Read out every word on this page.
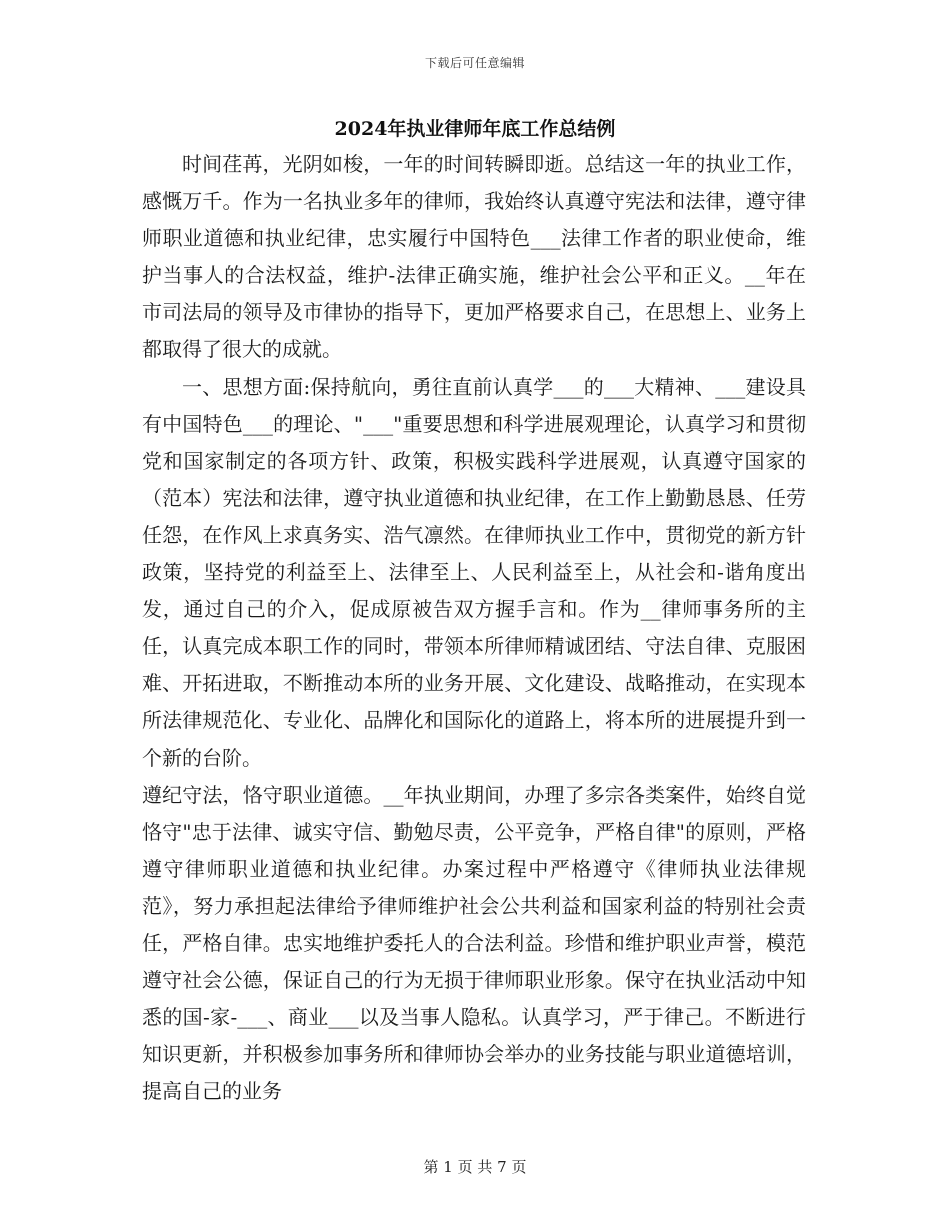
下载后可任意编辑
2024年执业律师年底工作总结例

时间荏苒，光阴如梭，一年的时间转瞬即逝。总结这一年的执业工作，感慨万千。作为一名执业多年的律师，我始终认真遵守宪法和法律，遵守律师职业道德和执业纪律，忠实履行中国特色___法律工作者的职业使命，维护当事人的合法权益，维护-法律正确实施，维护社会公平和正义。__年在市司法局的领导及市律协的指导下，更加严格要求自己，在思想上、业务上都取得了很大的成就。

一、思想方面:保持航向，勇往直前认真学___的___大精神、___建设具有中国特色___的理论、"___"重要思想和科学进展观理论，认真学习和贯彻党和国家制定的各项方针、政策，积极实践科学进展观，认真遵守国家的（范本）宪法和法律，遵守执业道德和执业纪律，在工作上勤勤恳恳、任劳任怨，在作风上求真务实、浩气凛然。在律师执业工作中，贯彻党的新方针政策，坚持党的利益至上、法律至上、人民利益至上，从社会和-谐角度出发，通过自己的介入，促成原被告双方握手言和。作为__律师事务所的主任，认真完成本职工作的同时，带领本所律师精诚团结、守法自律、克服困难、开拓进取，不断推动本所的业务开展、文化建设、战略推动，在实现本所法律规范化、专业化、品牌化和国际化的道路上，将本所的进展提升到一个新的台阶。

遵纪守法，恪守职业道德。__年执业期间，办理了多宗各类案件，始终自觉恪守"忠于法律、诚实守信、勤勉尽责，公平竞争，严格自律"的原则，严格遵守律师职业道德和执业纪律。办案过程中严格遵守《律师执业法律规范》，努力承担起法律给予律师维护社会公共利益和国家利益的特别社会责任，严格自律。忠实地维护委托人的合法利益。珍惜和维护职业声誉，模范遵守社会公德，保证自己的行为无损于律师职业形象。保守在执业活动中知悉的国-家-___、商业___以及当事人隐私。认真学习，严于律己。不断进行知识更新，并积极参加事务所和律师协会举办的业务技能与职业道德培训，提高自己的业务

第 1 页 共 7 页
